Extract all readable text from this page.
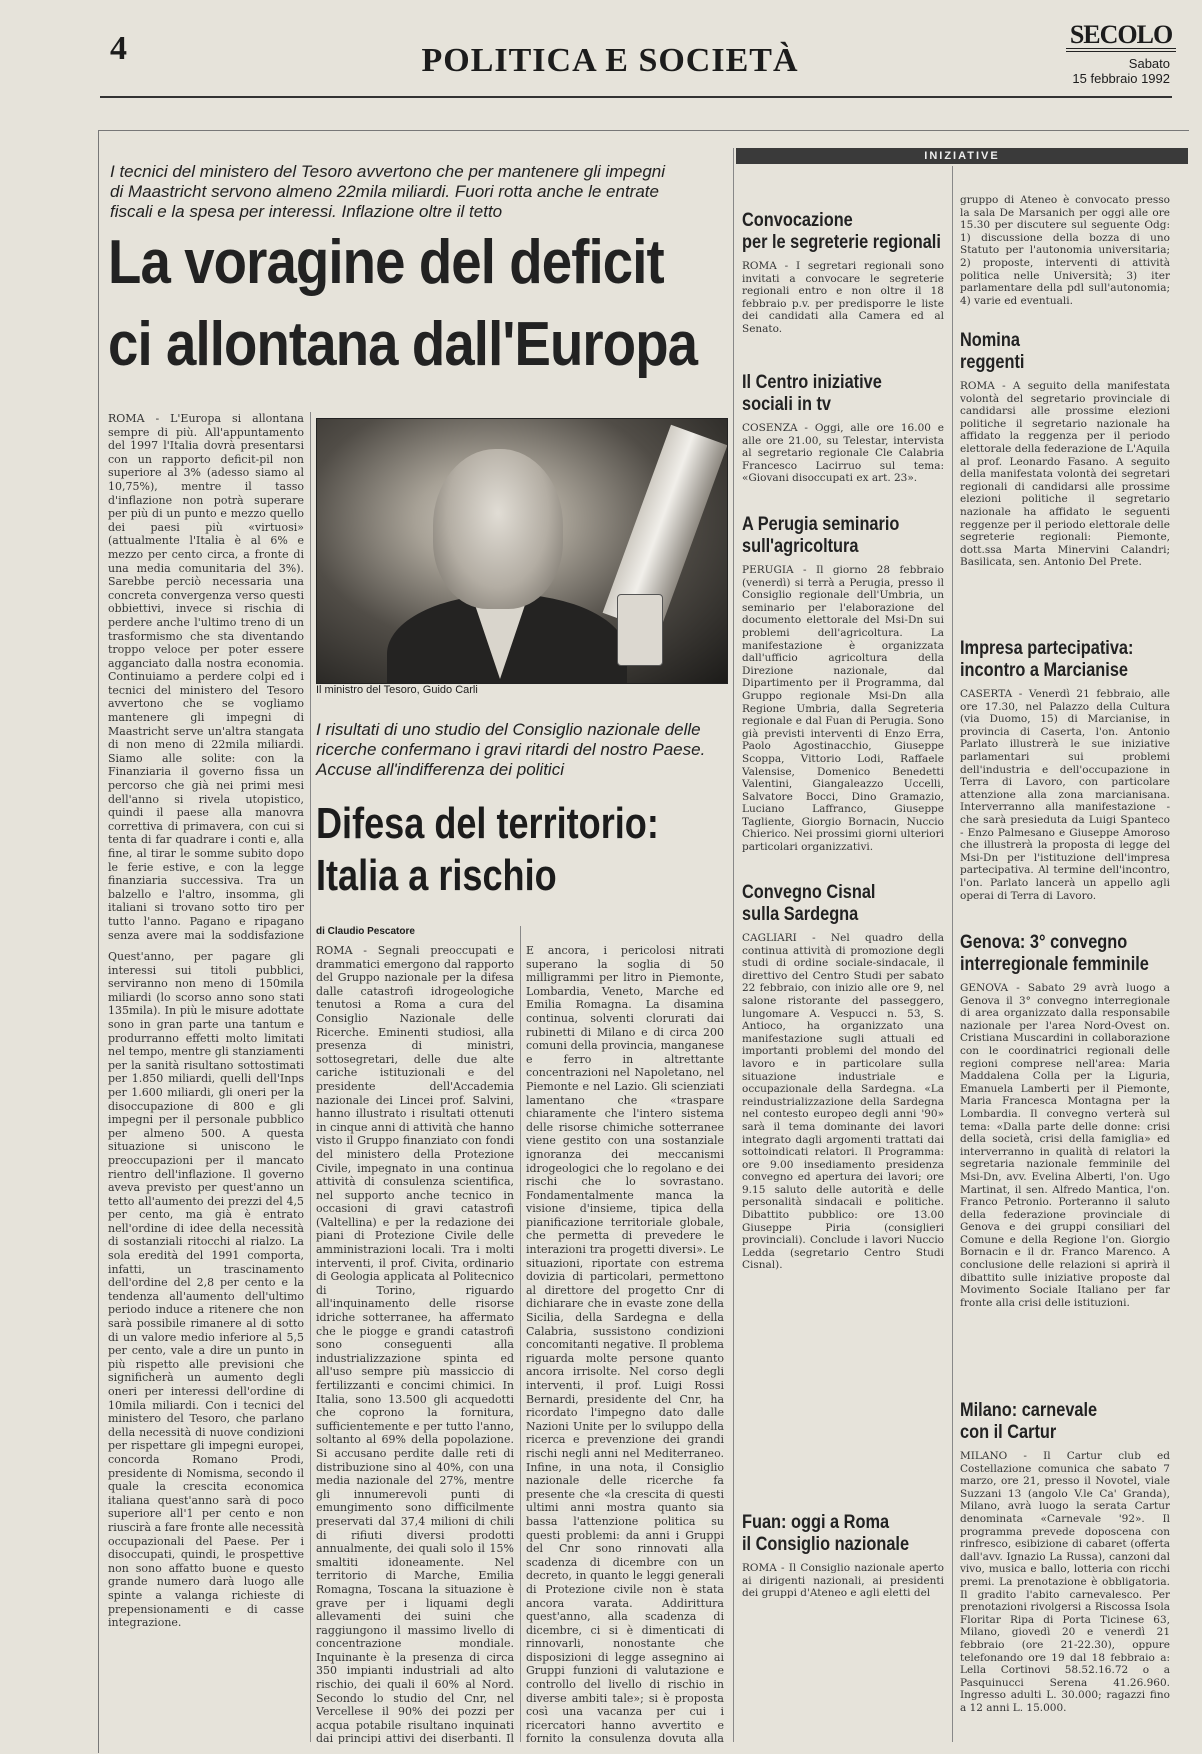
4	POLITICA E SOCIETÀ
SECOLO
Sabato
15 febbraio 1992
I tecnici del ministero del Tesoro avvertono che per mantenere gli impegni di Maastricht servono almeno 22mila miliardi. Fuori rotta anche le entrate fiscali e la spesa per interessi. Inflazione oltre il tetto
La voragine del deficit
ci allontana dall'Europa
ROMA - L'Europa si allontana sempre di più. All'appuntamento del 1997 l'Italia dovrà presentarsi con un rapporto deficit-pil non superiore al 3% (adesso siamo al 10,75%), mentre il tasso d'inflazione non potrà superare per più di un punto e mezzo quello dei paesi più «virtuosi» (attualmente l'Italia è al 6% e mezzo per cento circa, a fronte di una media comunitaria del 3%). Sarebbe perciò necessaria una concreta convergenza verso questi obbiettivi, invece si rischia di perdere anche l'ultimo treno di un trasformismo che sta diventando troppo veloce per poter essere agganciato dalla nostra economia. Continuiamo a perdere colpi ed i tecnici del ministero del Tesoro avvertono che se vogliamo mantenere gli impegni di Maastricht serve un'altra stangata di non meno di 22mila miliardi. Siamo alle solite: con la Finanziaria il governo fissa un percorso che già nei primi mesi dell'anno si rivela utopistico, quindi il paese alla manovra correttiva di primavera, con cui si tenta di far quadrare i conti e, alla fine, al tirar le somme subito dopo le ferie estive, e con la legge finanziaria successiva. Tra un balzello e l'altro, insomma, gli italiani si trovano sotto tiro per tutto l'anno. Pagano e ripagano senza avere mai la soddisfazione
Quest'anno, per pagare gli interessi sui titoli pubblici, serviranno non meno di 150mila miliardi (lo scorso anno sono stati 135mila). In più le misure adottate sono in gran parte una tantum e produrranno effetti molto limitati nel tempo, mentre gli stanziamenti per la sanità risultano sottostimati per 1.850 miliardi, quelli dell'Inps per 1.600 miliardi, gli oneri per la disoccupazione di 800 e gli impegni per il personale pubblico per almeno 500. A questa situazione si uniscono le preoccupazioni per il mancato rientro dell'inflazione. Il governo aveva previsto per quest'anno un tetto all'aumento dei prezzi del 4,5 per cento, ma già è entrato nell'ordine di idee della necessità di sostanziali ritocchi al rialzo. La sola eredità del 1991 comporta, infatti, un trascinamento dell'ordine del 2,8 per cento e la tendenza all'aumento dell'ultimo periodo induce a ritenere che non sarà possibile rimanere al di sotto di un valore medio inferiore al 5,5 per cento, vale a dire un punto in più rispetto alle previsioni che significherà un aumento degli oneri per interessi dell'ordine di 10mila miliardi. Con i tecnici del ministero del Tesoro, che parlano della necessità di nuove condizioni per rispettare gli impegni europei, concorda Romano Prodi, presidente di Nomisma, secondo il quale la crescita economica italiana quest'anno sarà di poco superiore all'1 per cento e non riuscirà a fare fronte alle necessità occupazionali del Paese. Per i disoccupati, quindi, le prospettive non sono affatto buone e questo grande numero darà luogo alle spinte a valanga richieste di prepensionamenti e di casse integrazione.
Il ministro del Tesoro, Guido Carli
I risultati di uno studio del Consiglio nazionale delle ricerche confermano i gravi ritardi del nostro Paese. Accuse all'indifferenza dei politici
Difesa del territorio:
Italia a rischio
di Claudio Pescatore
ROMA - Segnali preoccupati e drammatici emergono dal rapporto del Gruppo nazionale per la difesa dalle catastrofi idrogeologiche tenutosi a Roma a cura del Consiglio Nazionale delle Ricerche. Eminenti studiosi, alla presenza di ministri, sottosegretari, delle due alte cariche istituzionali e del presidente dell'Accademia nazionale dei Lincei prof. Salvini, hanno illustrato i risultati ottenuti in cinque anni di attività che hanno visto il Gruppo finanziato con fondi del ministero della Protezione Civile, impegnato in una continua attività di consulenza scientifica, nel supporto anche tecnico in occasioni di gravi catastrofi (Valtellina) e per la redazione dei piani di Protezione Civile delle amministrazioni locali. Tra i molti interventi, il prof. Civita, ordinario di Geologia applicata al Politecnico di Torino, riguardo all'inquinamento delle risorse idriche sotterranee, ha affermato che le piogge e grandi catastrofi sono conseguenti alla industrializzazione spinta ed all'uso sempre più massiccio di fertilizzanti e concimi chimici. In Italia, sono 13.500 gli acquedotti che coprono la fornitura, sufficientemente e per tutto l'anno, soltanto al 69% della popolazione. Si accusano perdite dalle reti di distribuzione sino al 40%, con una media nazionale del 27%, mentre gli innumerevoli punti di emungimento sono difficilmente preservati dal 37,4 milioni di chili di rifiuti diversi prodotti annualmente, dei quali solo il 15% smaltiti idoneamente. Nel territorio di Marche, Emilia Romagna, Toscana la situazione è grave per i liquami degli allevamenti dei suini che raggiungono il massimo livello di concentrazione mondiale. Inquinante è la presenza di circa 350 impianti industriali ad alto rischio, dei quali il 60% al Nord. Secondo lo studio del Cnr, nel Vercellese il 90% dei pozzi per acqua potabile risultano inquinati dai principi attivi dei diserbanti. Il
E ancora, i pericolosi nitrati superano la soglia di 50 milligrammi per litro in Piemonte, Lombardia, Veneto, Marche ed Emilia Romagna. La disamina continua, solventi clorurati dai rubinetti di Milano e di circa 200 comuni della provincia, manganese e ferro in altrettante concentrazioni nel Napoletano, nel Piemonte e nel Lazio. Gli scienziati lamentano che «traspare chiaramente che l'intero sistema delle risorse chimiche sotterranee viene gestito con una sostanziale ignoranza dei meccanismi idrogeologici che lo regolano e dei rischi che lo sovrastano. Fondamentalmente manca la visione d'insieme, tipica della pianificazione territoriale globale, che permetta di prevedere le interazioni tra progetti diversi». Le situazioni, riportate con estrema dovizia di particolari, permettono al direttore del progetto Cnr di dichiarare che in evaste zone della Sicilia, della Sardegna e della Calabria, sussistono condizioni concomitanti negative. Il problema riguarda molte persone quanto ancora irrisolte. Nel corso degli interventi, il prof. Luigi Rossi Bernardi, presidente del Cnr, ha ricordato l'impegno dato dalle Nazioni Unite per lo sviluppo della ricerca e prevenzione dei grandi rischi negli anni nel Mediterraneo. Infine, in una nota, il Consiglio nazionale delle ricerche fa presente che «la crescita di questi ultimi anni mostra quanto sia bassa l'attenzione politica su questi problemi: da anni i Gruppi del Cnr sono rinnovati alla scadenza di dicembre con un decreto, in quanto le leggi generali di Protezione civile non è stata ancora varata. Addirittura quest'anno, alla scadenza di dicembre, ci si è dimenticati di rinnovarli, nonostante che disposizioni di legge assegnino ai Gruppi funzioni di valutazione e controllo del livello di rischio in diverse ambiti tale»; si è proposta così una vacanza per cui i ricercatori hanno avvertito e fornito la consulenza dovuta alla
INIZIATIVE
Convocazione
per le segreterie regionali
ROMA - I segretari regionali sono invitati a convocare le segreterie regionali entro e non oltre il 18 febbraio p.v. per predisporre le liste dei candidati alla Camera ed al Senato.
Il Centro iniziative
sociali in tv
COSENZA - Oggi, alle ore 16.00 e alle ore 21.00, su Telestar, intervista al segretario regionale Cle Calabria Francesco Lacirruo sul tema: «Giovani disoccupati ex art. 23».
A Perugia seminario
sull'agricoltura
PERUGIA - Il giorno 28 febbraio (venerdì) si terrà a Perugia, presso il Consiglio regionale dell'Umbria, un seminario per l'elaborazione del documento elettorale del Msi-Dn sui problemi dell'agricoltura. La manifestazione è organizzata dall'ufficio agricoltura della Direzione nazionale, dal Dipartimento per il Programma, dal Gruppo regionale Msi-Dn alla Regione Umbria, dalla Segreteria regionale e dal Fuan di Perugia. Sono già previsti interventi di Enzo Erra, Paolo Agostinacchio, Giuseppe Scoppa, Vittorio Lodi, Raffaele Valensise, Domenico Benedetti Valentini, Giangaleazzo Uccelli, Salvatore Bocci, Dino Gramazio, Luciano Laffranco, Giuseppe Tagliente, Giorgio Bornacin, Nuccio Chierico. Nei prossimi giorni ulteriori particolari organizzativi.
Convegno Cisnal
sulla Sardegna
CAGLIARI - Nel quadro della continua attività di promozione degli studi di ordine sociale-sindacale, il direttivo del Centro Studi per sabato 22 febbraio, con inizio alle ore 9, nel salone ristorante del passeggero, lungomare A. Vespucci n. 53, S. Antioco, ha organizzato una manifestazione sugli attuali ed importanti problemi del mondo del lavoro e in particolare sulla situazione industriale e occupazionale della Sardegna. «La reindustrializzazione della Sardegna nel contesto europeo degli anni '90» sarà il tema dominante dei lavori integrato dagli argomenti trattati dai sottoindicati relatori. Il Programma: ore 9.00 insediamento presidenza convegno ed apertura dei lavori; ore 9.15 saluto delle autorità e delle personalità sindacali e politiche. Dibattito pubblico: ore 13.00 Giuseppe Piria (consiglieri provinciali). Conclude i lavori Nuccio Ledda (segretario Centro Studi Cisnal).
Fuan: oggi a Roma
il Consiglio nazionale
ROMA - Il Consiglio nazionale aperto ai dirigenti nazionali, ai presidenti dei gruppi d'Ateneo e agli eletti del
gruppo di Ateneo è convocato presso la sala De Marsanich per oggi alle ore 15.30 per discutere sul seguente Odg: 1) discussione della bozza di uno Statuto per l'autonomia universitaria; 2) proposte, interventi di attività politica nelle Università; 3) iter parlamentare della pdl sull'autonomia; 4) varie ed eventuali.
Nomina
reggenti
ROMA - A seguito della manifestata volontà del segretario provinciale di candidarsi alle prossime elezioni politiche il segretario nazionale ha affidato la reggenza per il periodo elettorale della federazione de L'Aquila al prof. Leonardo Fasano. A seguito della manifestata volontà dei segretari regionali di candidarsi alle prossime elezioni politiche il segretario nazionale ha affidato le seguenti reggenze per il periodo elettorale delle segreterie regionali: Piemonte, dott.ssa Marta Minervini Calandri; Basilicata, sen. Antonio Del Prete.
Impresa partecipativa:
incontro a Marcianise
CASERTA - Venerdì 21 febbraio, alle ore 17.30, nel Palazzo della Cultura (via Duomo, 15) di Marcianise, in provincia di Caserta, l'on. Antonio Parlato illustrerà le sue iniziative parlamentari sui problemi dell'industria e dell'occupazione in Terra di Lavoro, con particolare attenzione alla zona marcianisana. Interverranno alla manifestazione - che sarà presieduta da Luigi Spanteco - Enzo Palmesano e Giuseppe Amoroso che illustrerà la proposta di legge del Msi-Dn per l'istituzione dell'impresa partecipativa. Al termine dell'incontro, l'on. Parlato lancerà un appello agli operai di Terra di Lavoro.
Genova: 3° convegno
interregionale femminile
GENOVA - Sabato 29 avrà luogo a Genova il 3° convegno interregionale di area organizzato dalla responsabile nazionale per l'area Nord-Ovest on. Cristiana Muscardini in collaborazione con le coordinatrici regionali delle regioni comprese nell'area: Maria Maddalena Colla per la Liguria, Emanuela Lamberti per il Piemonte, Maria Francesca Montagna per la Lombardia. Il convegno verterà sul tema: «Dalla parte delle donne: crisi della società, crisi della famiglia» ed interverranno in qualità di relatori la segretaria nazionale femminile del Msi-Dn, avv. Evelina Alberti, l'on. Ugo Martinat, il sen. Alfredo Mantica, l'on. Franco Petronio. Porteranno il saluto della federazione provinciale di Genova e dei gruppi consiliari del Comune e della Regione l'on. Giorgio Bornacin e il dr. Franco Marenco. A conclusione delle relazioni si aprirà il dibattito sulle iniziative proposte dal Movimento Sociale Italiano per far fronte alla crisi delle istituzioni.
Milano: carnevale
con il Cartur
MILANO - Il Cartur club ed Costellazione comunica che sabato 7 marzo, ore 21, presso il Novotel, viale Suzzani 13 (angolo V.le Ca' Granda), Milano, avrà luogo la serata Cartur denominata «Carnevale '92». Il programma prevede doposcena con rinfresco, esibizione di cabaret (offerta dall'avv. Ignazio La Russa), canzoni dal vivo, musica e ballo, lotteria con ricchi premi. La prenotazione è obbligatoria. Il gradito l'abito carnevalesco. Per prenotazioni rivolgersi a Riscossa Isola Floritar Ripa di Porta Ticinese 63, Milano, giovedì 20 e venerdì 21 febbraio (ore 21-22.30), oppure telefonando ore 19 dal 18 febbraio a: Lella Cortinovi 58.52.16.72 o a Pasquinucci Serena 41.26.960. Ingresso adulti L. 30.000; ragazzi fino a 12 anni L. 15.000.
